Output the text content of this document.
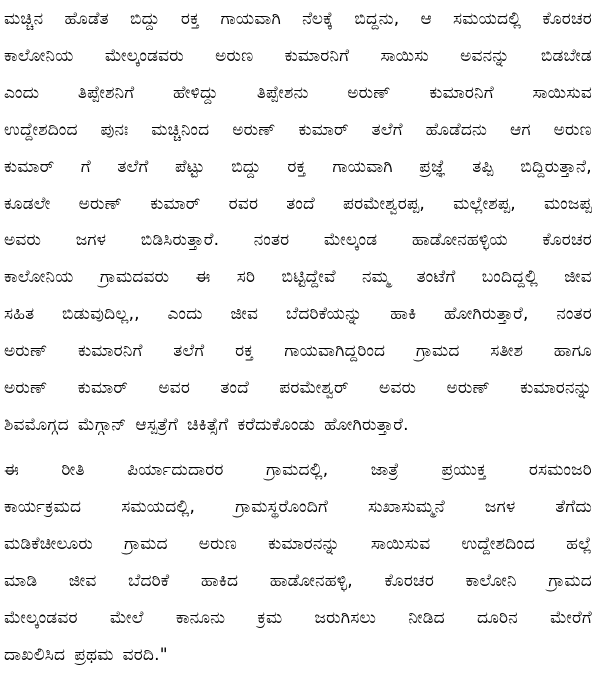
ಮಚ್ಚಿನ ಹೊಡೆತ ಬಿದ್ದು ರಕ್ತ ಗಾಯವಾಗಿ ನೆಲಕ್ಕೆ ಬಿದ್ದನು, ಆ ಸಮಯದಲ್ಲಿ ಕೊರಚರ
ಕಾಲೋನಿಯ ಮೇಲ್ಕಂಡವರು ಅರುಣ ಕುಮಾರನಿಗೆ ಸಾಯಿಸು ಅವನನ್ನು ಬಿಡಬೇಡ
ಎಂದು ತಿಪ್ಪೇಶನಿಗೆ ಹೇಳಿದ್ದು ತಿಪ್ಪೇಶನು ಅರುಣ್ ಕುಮಾರನಿಗೆ ಸಾಯಿಸುವ
ಉದ್ದೇಶದಿಂದ ಪುನಃ ಮಚ್ಚಿನಿಂದ ಅರುಣ್ ಕುಮಾರ್ ತಲೆಗೆ ಹೊಡೆದನು ಆಗ ಅರುಣ
ಕುಮಾರ್ ಗೆ ತಲೆಗೆ ಪೆಟ್ಟು ಬಿದ್ದು ರಕ್ತ ಗಾಯವಾಗಿ ಪ್ರಜ್ಞೆ ತಪ್ಪಿ ಬಿದ್ದಿರುತ್ತಾನೆ,
ಕೂಡಲೇ ಅರುಣ್ ಕುಮಾರ್ ರವರ ತಂದೆ ಪರಮೇಶ್ವರಪ್ಪ, ಮಲ್ಲೇಶಪ್ಪ, ಮಂಜಪ್ಪ
ಅವರು ಜಗಳ ಬಿಡಿಸಿರುತ್ತಾರೆ. ನಂತರ ಮೇಲ್ಕಂಡ ಹಾಡೋನಹಳ್ಳಿಯ ಕೊರಚರ
ಕಾಲೋನಿಯ ಗ್ರಾಮದವರು ಈ ಸರಿ ಬಿಟ್ಟಿದ್ದೇವೆ ನಮ್ಮ ತಂಟೆಗೆ ಬಂದಿದ್ದಲ್ಲಿ ಜೀವ
ಸಹಿತ ಬಿಡುವುದಿಲ್ಲ,, ಎಂದು ಜೀವ ಬೆದರಿಕೆಯನ್ನು ಹಾಕಿ ಹೋಗಿರುತ್ತಾರೆ, ನಂತರ
ಅರುಣ್ ಕುಮಾರನಿಗೆ ತಲೆಗೆ ರಕ್ತ ಗಾಯವಾಗಿದ್ದರಿಂದ ಗ್ರಾಮದ ಸತೀಶ ಹಾಗೂ
ಅರುಣ್ ಕುಮಾರ್ ಅವರ ತಂದೆ ಪರಮೇಶ್ವರ್ ಅವರು ಅರುಣ್ ಕುಮಾರನನ್ನು
ಶಿವಮೊಗ್ಗದ ಮೆಗ್ಗಾನ್ ಆಸ್ಪತ್ರೆಗೆ ಚಿಕಿತ್ಸೆಗೆ ಕರೆದುಕೊಂಡು ಹೋಗಿರುತ್ತಾರೆ.
ಈ ರೀತಿ ಪಿರ್ಯಾದುದಾರರ ಗ್ರಾಮದಲ್ಲಿ, ಜಾತ್ರೆ ಪ್ರಯುಕ್ತ ರಸಮಂಜರಿ
ಕಾರ್ಯಕ್ರಮದ ಸಮಯದಲ್ಲಿ, ಗ್ರಾಮಸ್ಥರೊಂದಿಗೆ ಸುಖಾಸುಮ್ಮನೆ ಜಗಳ ತೆಗೆದು
ಮಡಿಕೆಚೀಲೂರು ಗ್ರಾಮದ ಅರುಣ ಕುಮಾರನನ್ನು ಸಾಯಿಸುವ ಉದ್ದೇಶದಿಂದ ಹಲ್ಲೆ
ಮಾಡಿ ಜೀವ ಬೆದರಿಕೆ ಹಾಕಿದ ಹಾಡೋನಹಳ್ಳಿ, ಕೊರಚರ ಕಾಲೋನಿ ಗ್ರಾಮದ
ಮೇಲ್ಕಂಡವರ ಮೇಲೆ ಕಾನೂನು ಕ್ರಮ ಜರುಗಿಸಲು ನೀಡಿದ ದೂರಿನ ಮೇರೆಗೆ
ದಾಖಲಿಸಿದ ಪ್ರಥಮ ವರದಿ."
